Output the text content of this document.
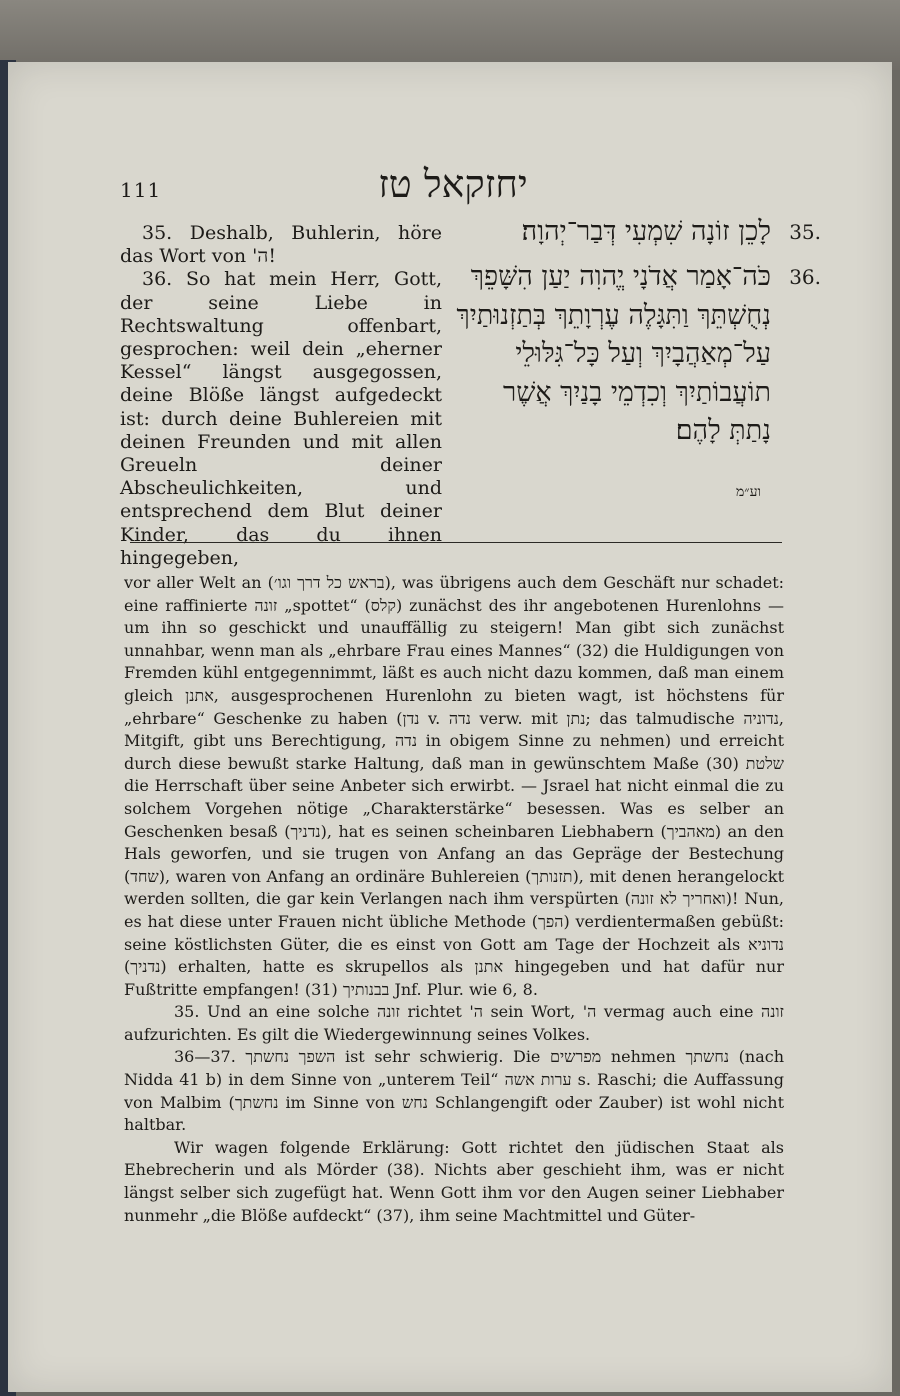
111	יחזקאל טז

35. Deshalb, Buhlerin, höre das Wort von 'ה!

36. So hat mein Herr, Gott, der seine Liebe in Rechtswaltung offenbart, gesprochen: weil dein „eherner Kessel“ längst ausgegossen, deine Blöße längst aufgedeckt ist: durch deine Buhlereien mit deinen Freunden und mit allen Greueln deiner Abscheulichkeiten, und entsprechend dem Blut deiner Kinder, das du ihnen hingegeben,

35.
לָכֵן זוֹנָה שִׁמְעִי דְּבַר־יְהוָה׃
36.
כֹּה־אָמַר אֲדֹנָי יֱהוִה יַעַן הִשָּׁפֵךְ נְחֻשְׁתֵּךְ וַתִּגָּלֶה עֶרְוָתֵךְ בְּתַזְנוּתַיִךְ עַל־מְאַהֲבָיִךְ וְעַל כָּל־גִּלּוּלֵי תוֹעֲבוֹתַיִךְ וְכִדְמֵי בָנַיִךְ אֲשֶׁר נָתַתְּ לָהֶם׃
וע״מ

vor aller Welt an (בראש כל דרך וגו׳), was übrigens auch dem Geschäft nur schadet: eine raffinierte זונה „spottet“ (קלס) zunächst des ihr angebotenen Hurenlohns — um ihn so geschickt und unauffällig zu steigern! Man gibt sich zunächst unnahbar, wenn man als „ehrbare Frau eines Mannes“ (32) die Huldigungen von Fremden kühl entgegennimmt, läßt es auch nicht dazu kommen, daß man einem gleich אתנן, ausgesprochenen Hurenlohn zu bieten wagt, ist höchstens für „ehrbare“ Geschenke zu haben (נדן v. נדה verw. mit נתן; das talmudische נדוניה, Mitgift, gibt uns Berechtigung, נדה in obigem Sinne zu nehmen) und erreicht durch diese bewußt starke Haltung, daß man in gewünschtem Maße שלטת (30) die Herrschaft über seine Anbeter sich erwirbt. — Jsrael hat nicht einmal die zu solchem Vorgehen nötige „Charakterstärke“ besessen. Was es selber an Geschenken besaß (נדניך), hat es seinen scheinbaren Liebhabern (מאהביך) an den Hals geworfen, und sie trugen von Anfang an das Gepräge der Bestechung (שחד), waren von Anfang an ordinäre Buhlereien (תזנותך), mit denen herangelockt werden sollten, die gar kein Verlangen nach ihm verspürten (ואחריך לא זונה)! Nun, es hat diese unter Frauen nicht übliche Methode (הפך) verdientermaßen gebüßt: seine köstlichsten Güter, die es einst von Gott am Tage der Hochzeit als נדוניא (נדניך) erhalten, hatte es skrupellos als אתנן hingegeben und hat dafür nur Fußtritte empfangen! בבנותיך (31) Jnf. Plur. wie 6, 8.

35. Und an eine solche זונה richtet 'ה sein Wort, 'ה vermag auch eine זונה aufzurichten. Es gilt die Wiedergewinnung seines Volkes.

36—37. השפך נחשתך ist sehr schwierig. Die מפרשים nehmen נחשתך (nach Nidda 41 b) in dem Sinne von „unterem Teil“ ערות אשה s. Raschi; die Auffassung von Malbim (נחשתך im Sinne von נחש Schlangengift oder Zauber) ist wohl nicht haltbar.

Wir wagen folgende Erklärung: Gott richtet den jüdischen Staat als Ehebrecherin und als Mörder (38). Nichts aber geschieht ihm, was er nicht längst selber sich zugefügt hat. Wenn Gott ihm vor den Augen seiner Liebhaber nunmehr „die Blöße aufdeckt“ (37), ihm seine Machtmittel und Güter-
